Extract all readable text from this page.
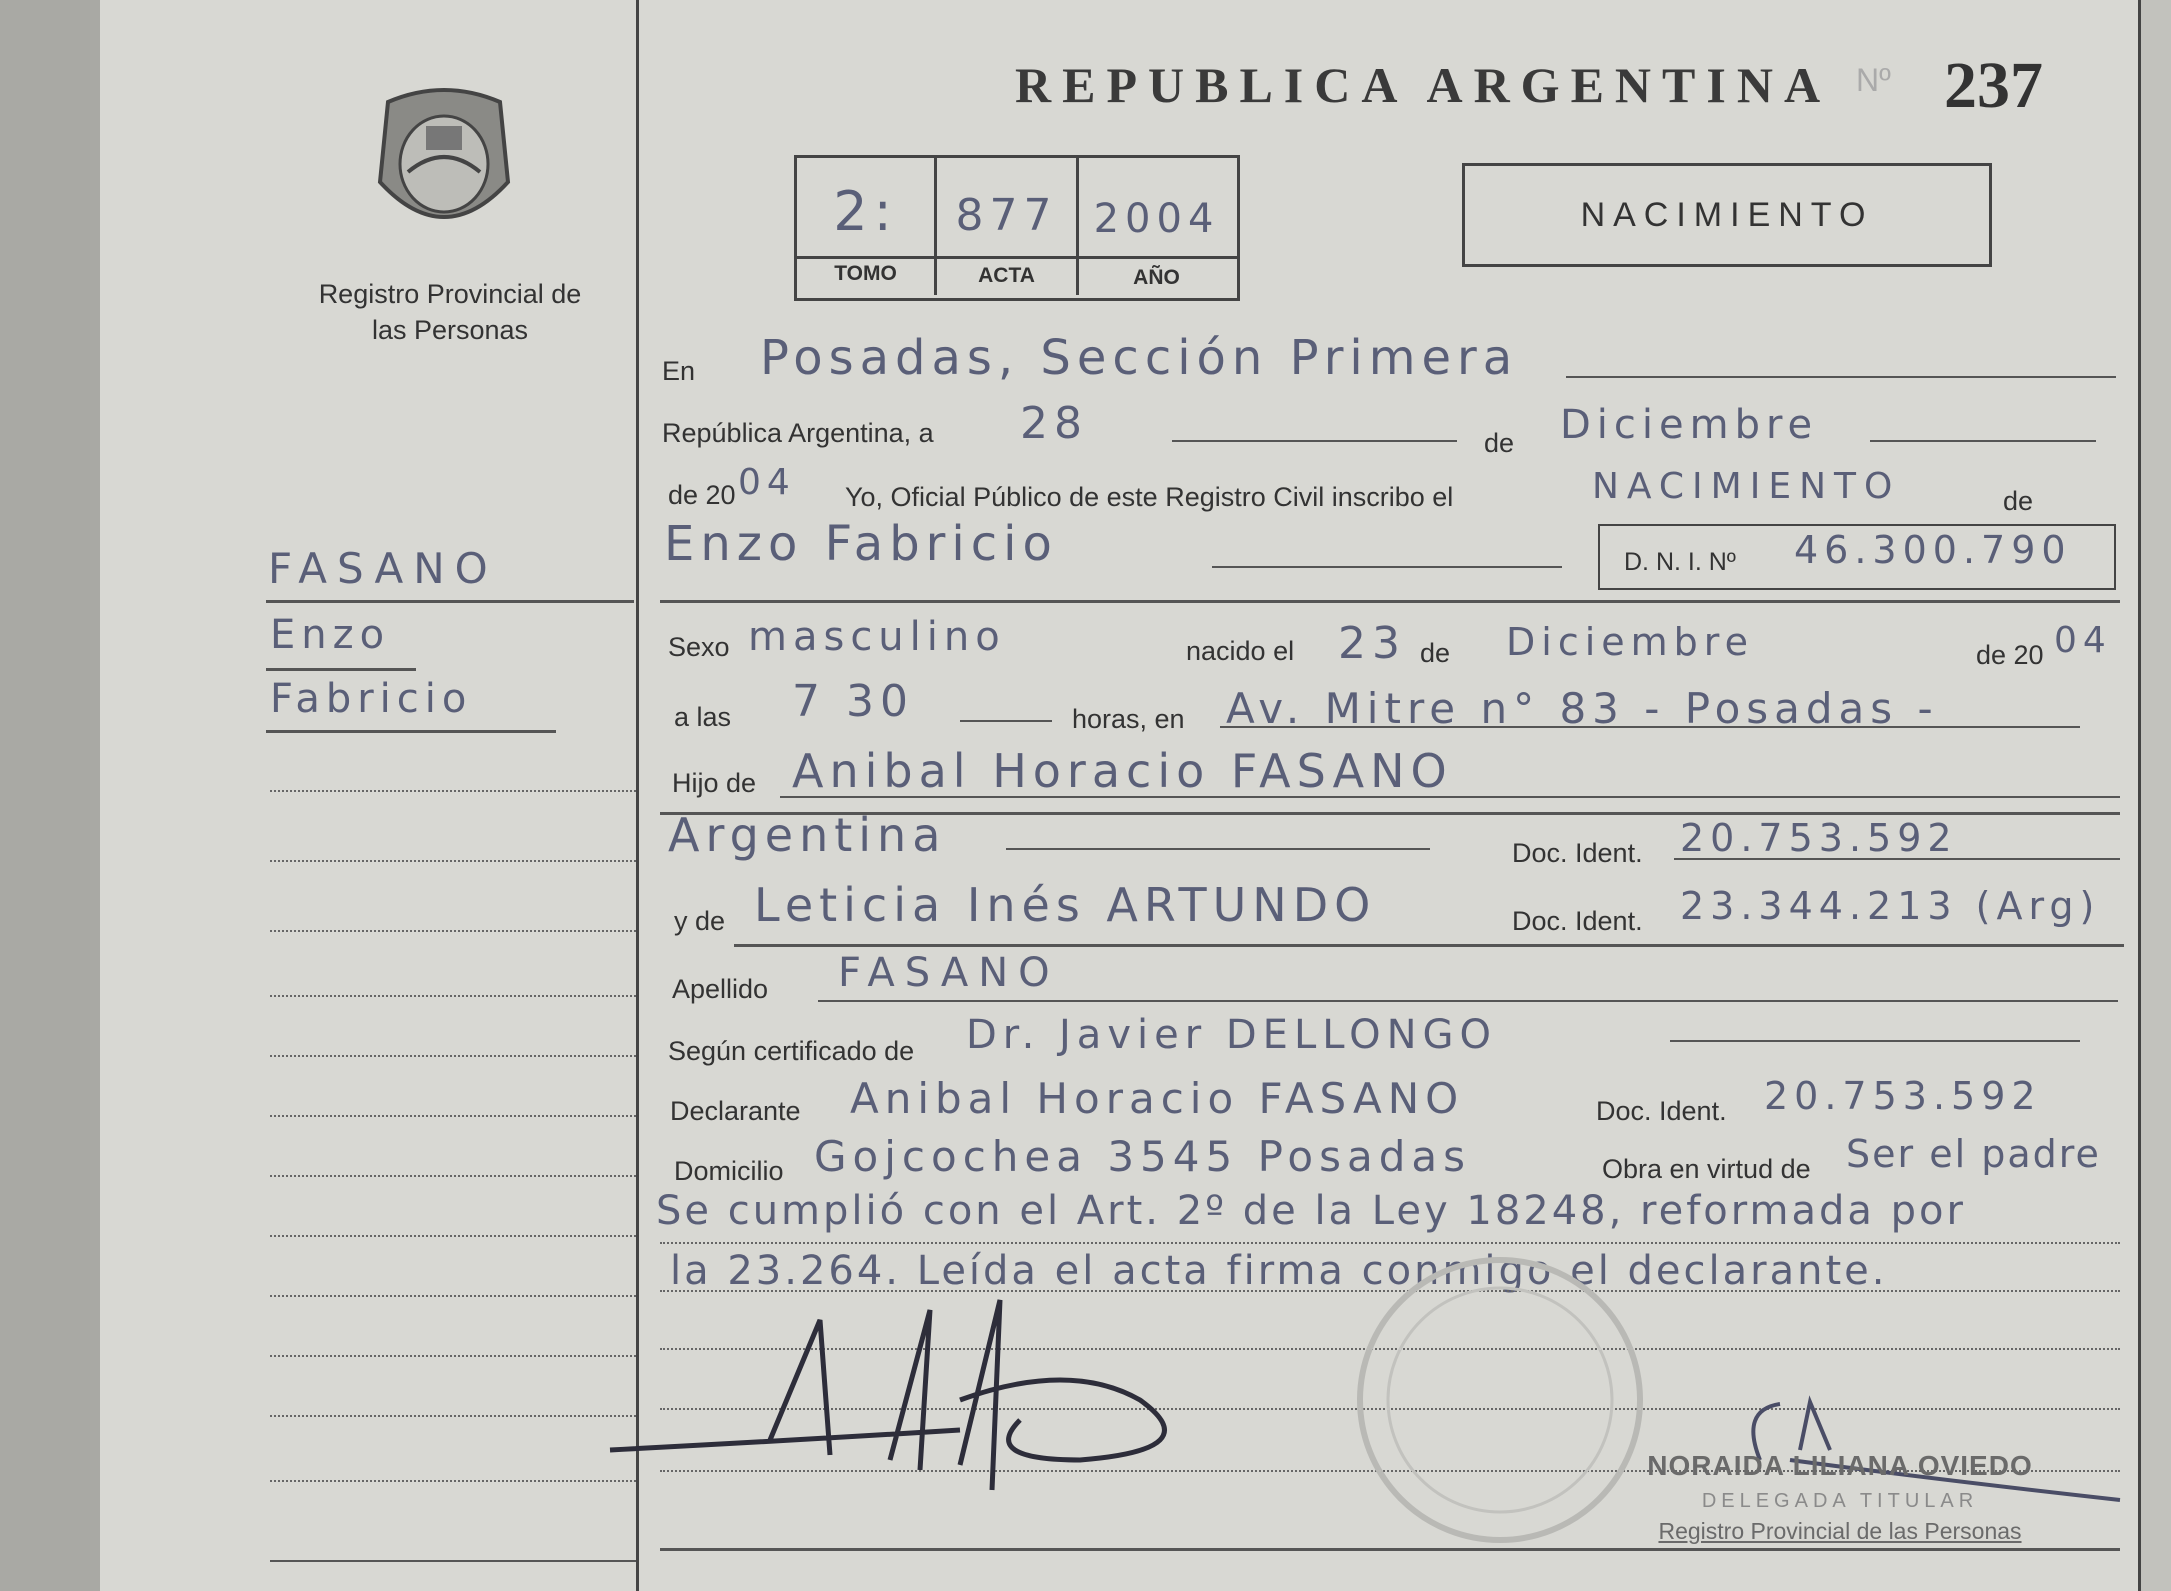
Registro Provincial de las Personas
REPUBLICA ARGENTINA Nº 237
2:	877 2004
TOMO	ACTA	AÑO
NACIMIENTO
FASANO
Enzo
Fabricio
En Posadas, Sección Primera
República Argentina, a 28	de Diciembre
de 20 04 Yo, Oficial Público de este Registro Civil inscribo el	NACIMIENTO	de
Enzo Fabricio	D. N. I. Nº 46.300.790
Sexo masculino	nacido el 23 de Diciembre	de 20 04
a las 7 30	horas, en Av. Mitre n° 83 - Posadas -
Hijo de Anibal Horacio FASANO
Argentina	Doc. Ident. 20.753.592
y de Leticia Inés ARTUNDO	Doc. Ident. 23.344.213 (Arg)
Apellido FASANO
Según certificado de Dr. Javier DELLONGO
Declarante Anibal Horacio FASANO	Doc. Ident. 20.753.592
Domicilio Gojcochea 3545 Posadas	Obra en virtud de Ser el padre
Se cumplió con el Art. 2º de la Ley 18248, reformada por
la 23.264. Leída el acta firma conmigo el declarante.
NORAIDA LILIANA OVIEDO
DELEGADA TITULAR
Registro Provincial de las Personas
